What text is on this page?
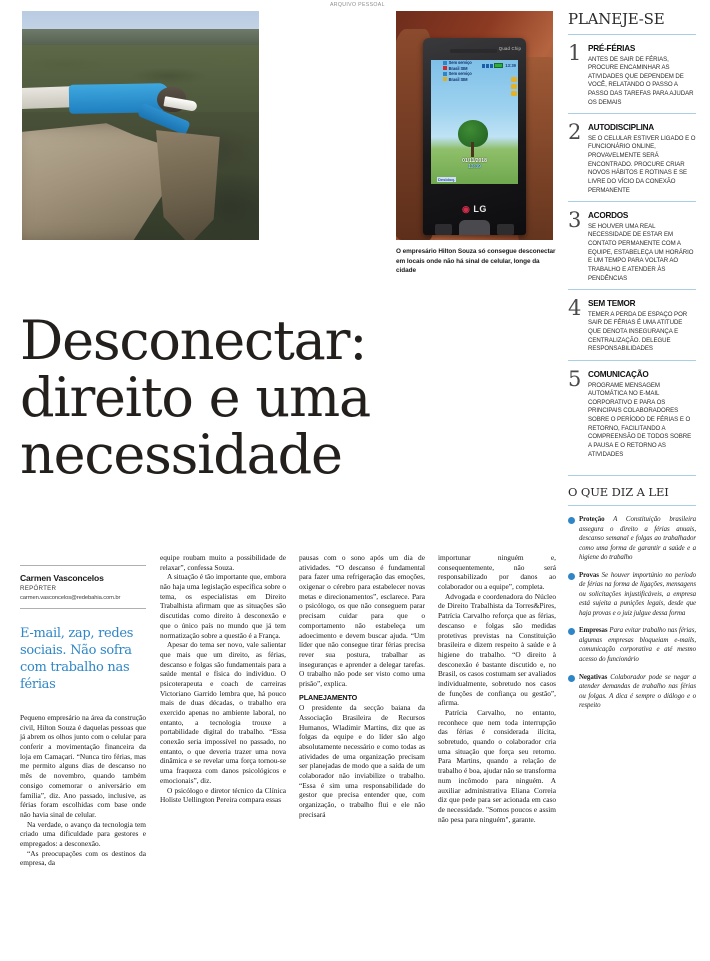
ARQUIVO PESSOAL
Quad Chip
13:39
Sem serviço
Brasil SIM
Sem serviço
Brasil SIM
01/11/2018
13:39
Desbloq.
◉ LG
O empresário Hilton Souza só consegue desconectar em locais onde não há sinal de celular, longe da cidade
Desconectar:
direito e uma
necessidade
Carmen Vasconcelos
REPÓRTER
carmen.vasconcelos@redebahia.com.br
E-mail, zap, redes sociais. Não sofra com trabalho nas férias

Pequeno empresário na área da construção civil, Hilton Souza é daquelas pessoas que já abrem os olhos junto com o celular para conferir a movimentação financeira da loja em Camaçari. “Nunca tiro férias, mas me permito alguns dias de descanso no mês de novembro, quando também consigo comemorar o aniversário em família”, diz. Ano passado, inclusive, as férias foram escolhidas com base onde não havia sinal de celular.

Na verdade, o avanço da tecnologia tem criado uma dificuldade para gestores e empregados: a desconexão.

“As preocupações com os destinos da empresa, da

equipe roubam muito a possibilidade de relaxar”, confessa Souza.

A situação é tão importante que, embora não haja uma legislação específica sobre o tema, os especialistas em Direito Trabalhista afirmam que as situações são discutidas como direito à desconexão e que o único país no mundo que já tem normatização sobre a questão é a França.

Apesar do tema ser novo, vale salientar que mais que um direito, as férias, descanso e folgas são fundamentais para a saúde mental e física do indivíduo. O psicoterapeuta e coach de carreiras Victoriano Garrido lembra que, há pouco mais de duas décadas, o trabalho era exercido apenas no ambiente laboral, no entanto, a tecnologia trouxe a portabilidade digital do trabalho. “Essa conexão seria impossível no passado, no entanto, o que deveria trazer uma nova dinâmica e se revelar uma força tornou-se uma fraqueza com danos psicológicos e emocionais”, diz.

O psicólogo e diretor técnico da Clínica Holiste Uellington Pereira compara essas

pausas com o sono após um dia de atividades. “O descanso é fundamental para fazer uma refrigeração das emoções, oxigenar o cérebro para estabelecer novas metas e direcionamentos”, esclarece. Para o psicólogo, os que não conseguem parar precisam cuidar para que o comportamento não estabeleça um adoecimento e devem buscar ajuda. “Um líder que não consegue tirar férias precisa rever sua postura, trabalhar as inseguranças e aprender a delegar tarefas. O trabalho não pode ser visto como uma prisão”, explica.

PLANEJAMENTO

O presidente da secção baiana da Associação Brasileira de Recursos Humanos, Wladimir Martins, diz que as folgas da equipe e do líder são algo absolutamente necessário e como todas as atividades de uma organização precisam ser planejadas de modo que a saída de um colaborador não inviabilize o trabalho. “Essa é sim uma responsabilidade do gestor que precisa entender que, com organização, o trabalho flui e ele não precisará

importunar ninguém e, consequentemente, não será responsabilizado por danos ao colaborador ou a equipe”, completa.

Advogada e coordenadora do Núcleo de Direito Trabalhista da Torres&Pires, Patrícia Carvalho reforça que as férias, descanso e folgas são medidas protetivas previstas na Constituição brasileira e dizem respeito à saúde e à higiene do trabalho. “O direito à desconexão é bastante discutido e, no Brasil, os casos costumam ser avaliados individualmente, sobretudo nos casos de funções de confiança ou gestão”, afirma.

Patrícia Carvalho, no entanto, reconhece que nem toda interrupção das férias é considerada ilícita, sobretudo, quando o colaborador cria uma situação que força seu retorno. Para Martins, quando a relação de trabalho é boa, ajudar não se transforma num incômodo para ninguém. A auxiliar administrativa Eliana Correia diz que pede para ser acionada em caso de necessidade. "Somos poucos e assim não pesa para ninguém", garante.

PLANEJE-SE
1 PRÉ-FÉRIAS
ANTES DE SAIR DE FÉRIAS, PROCURE ENCAMINHAR AS ATIVIDADES QUE DEPENDEM DE VOCÊ, RELATANDO O PASSO A PASSO DAS TAREFAS PARA AJUDAR OS DEMAIS
2 AUTODISCIPLINA
SE O CELULAR ESTIVER LIGADO E O FUNCIONÁRIO ONLINE, PROVAVELMENTE SERÁ ENCONTRADO. PROCURE CRIAR NOVOS HÁBITOS E ROTINAS E SE LIVRE DO VÍCIO DA CONEXÃO PERMANENTE
3 ACORDOS
SE HOUVER UMA REAL NECESSIDADE DE ESTAR EM CONTATO PERMANENTE COM A EQUIPE, ESTABELEÇA UM HORÁRIO E UM TEMPO PARA VOLTAR AO TRABALHO E ATENDER ÀS PENDÊNCIAS
4 SEM TEMOR
TEMER A PERDA DE ESPAÇO POR SAIR DE FÉRIAS É UMA ATITUDE QUE DENOTA INSEGURANÇA E CENTRALIZAÇÃO. DELEGUE RESPONSABILIDADES
5 COMUNICAÇÃO
PROGRAME MENSAGEM AUTOMÁTICA NO E-MAIL CORPORATIVO E PARA OS PRINCIPAIS COLABORADORES SOBRE O PERÍODO DE FÉRIAS E O RETORNO, FACILITANDO A COMPREENSÃO DE TODOS SOBRE A PAUSA E O RETORNO AS ATIVIDADES
O QUE DIZ A LEI
Proteção A Constituição brasileira assegura o direito a férias anuais, descanso semanal e folgas ao trabalhador como uma forma de garantir a saúde e a higiene do trabalho
Provas Se houver importúnio no período de férias na forma de ligações, mensagens ou solicitações injustificáveis, a empresa está sujeita a punições legais, desde que haja provas e o juiz julgue dessa forma
Empresas Para evitar trabalho nas férias, algumas empresas bloqueiam e-mails, comunicação corporativa e até mesmo acesso do funcionário
Negativas Colaborador pode se negar a atender demandas de trabalho nas férias ou folgas. A dica é sempre o diálogo e o respeito
